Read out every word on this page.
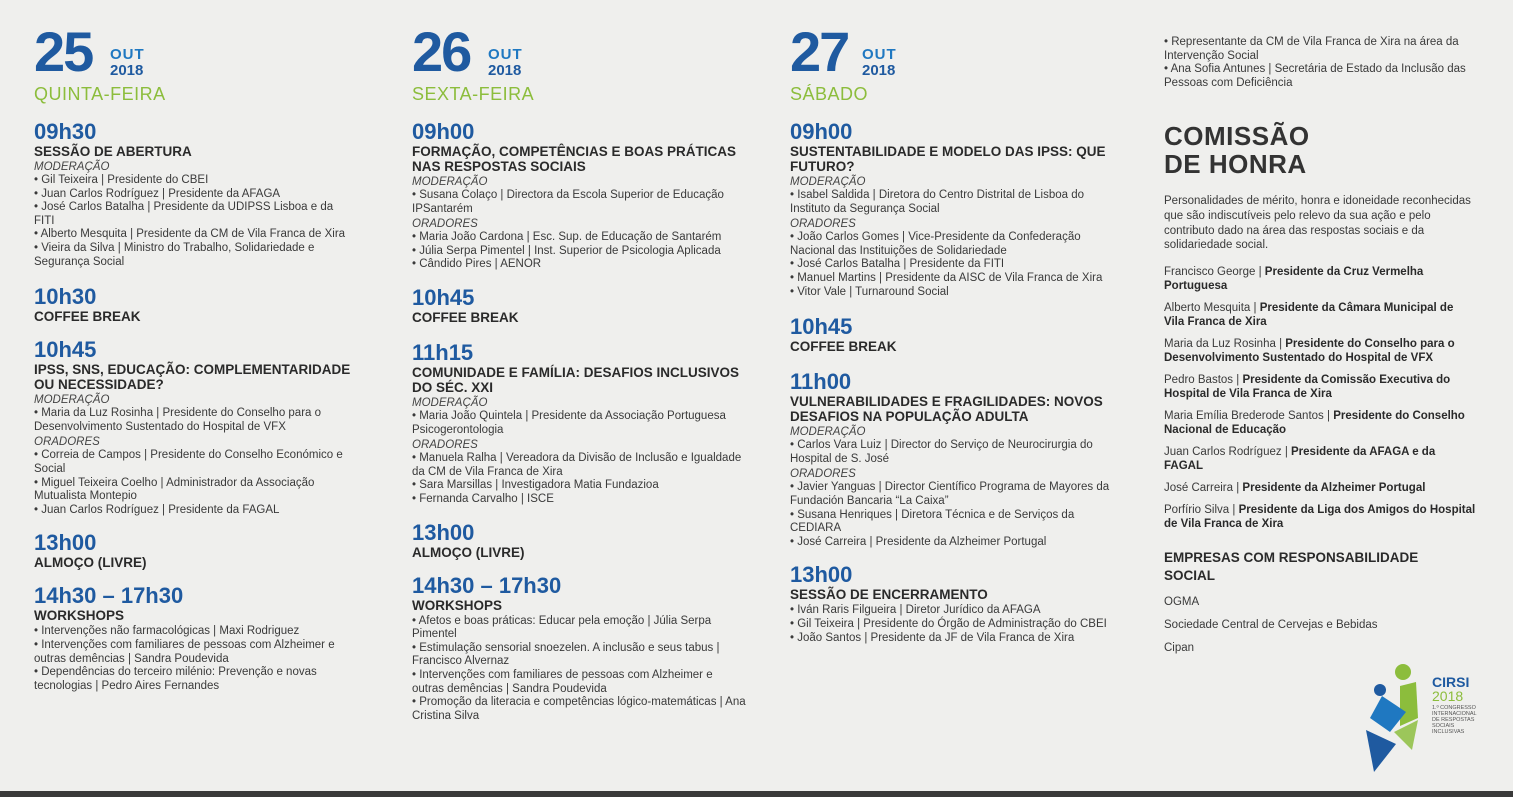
25 OUT
2018
QUINTA-FEIRA
09h30
SESSÃO DE ABERTURA
MODERAÇÃO
• Gil Teixeira | Presidente do CBEI
• Juan Carlos Rodríguez | Presidente da AFAGA
• José Carlos Batalha | Presidente da UDIPSS Lisboa e da FITI
• Alberto Mesquita | Presidente da CM de Vila Franca de Xira
• Vieira da Silva | Ministro do Trabalho, Solidariedade e Segurança Social
10h30
COFFEE BREAK
10h45
IPSS, SNS, EDUCAÇÃO: COMPLEMENTARIDADE OU NECESSIDADE?
MODERAÇÃO
• Maria da Luz Rosinha | Presidente do Conselho para o Desenvolvimento Sustentado do Hospital de VFX
ORADORES
• Correia de Campos | Presidente do Conselho Económico e Social
• Miguel Teixeira Coelho | Administrador da Associação Mutualista Montepio
• Juan Carlos Rodríguez | Presidente da FAGAL
13h00
ALMOÇO (LIVRE)
14h30 – 17h30
WORKSHOPS
• Intervenções não farmacológicas | Maxi Rodriguez
• Intervenções com familiares de pessoas com Alzheimer e outras demências | Sandra Poudevida
• Dependências do terceiro milénio: Prevenção e novas tecnologias | Pedro Aires Fernandes
26 OUT
2018
SEXTA-FEIRA
09h00
FORMAÇÃO, COMPETÊNCIAS E BOAS PRÁTICAS NAS RESPOSTAS SOCIAIS
MODERAÇÃO
• Susana Colaço | Directora da Escola Superior de Educação IPSantarém
ORADORES
• Maria João Cardona | Esc. Sup. de Educação de Santarém
• Júlia Serpa Pimentel | Inst. Superior de Psicologia Aplicada
• Cândido Pires | AENOR
10h45
COFFEE BREAK
11h15
COMUNIDADE E FAMÍLIA: DESAFIOS INCLUSIVOS DO SÉC. XXI
MODERAÇÃO
• Maria João Quintela | Presidente da Associação Portuguesa Psicogerontologia
ORADORES
• Manuela Ralha | Vereadora da Divisão de Inclusão e Igualdade da CM de Vila Franca de Xira
• Sara Marsillas | Investigadora Matia Fundazioa
• Fernanda Carvalho | ISCE
13h00
ALMOÇO (LIVRE)
14h30 – 17h30
WORKSHOPS
• Afetos e boas práticas: Educar pela emoção | Júlia Serpa Pimentel
• Estimulação sensorial snoezelen. A inclusão e seus tabus | Francisco Alvernaz
• Intervenções com familiares de pessoas com Alzheimer e outras demências | Sandra Poudevida
• Promoção da literacia e competências lógico-matemáticas | Ana Cristina Silva
27 OUT
2018
SÁBADO
09h00
SUSTENTABILIDADE E MODELO DAS IPSS: QUE FUTURO?
MODERAÇÃO
• Isabel Saldida | Diretora do Centro Distrital de Lisboa do Instituto da Segurança Social
ORADORES
• João Carlos Gomes | Vice-Presidente da Confederação Nacional das Instituições de Solidariedade
• José Carlos Batalha | Presidente da FITI
• Manuel Martins | Presidente da AISC de Vila Franca de Xira
• Vitor Vale | Turnaround Social
10h45
COFFEE BREAK
11h00
VULNERABILIDADES E FRAGILIDADES: NOVOS DESAFIOS NA POPULAÇÃO ADULTA
MODERAÇÃO
• Carlos Vara Luiz | Director do Serviço de Neurocirurgia do Hospital de S. José
ORADORES
• Javier Yanguas | Director Científico Programa de Mayores da Fundación Bancaria “La Caixa”
• Susana Henriques | Diretora Técnica e de Serviços da CEDIARA
• José Carreira | Presidente da Alzheimer Portugal
13h00
SESSÃO DE ENCERRAMENTO
• Iván Raris Filgueira | Diretor Jurídico da AFAGA
• Gil Teixeira | Presidente do Órgão de Administração do CBEI
• João Santos | Presidente da JF de Vila Franca de Xira
• Representante da CM de Vila Franca de Xira na área da Intervenção Social
• Ana Sofia Antunes | Secretária de Estado da Inclusão das Pessoas com Deficiência
COMISSÃO
DE HONRA
Personalidades de mérito, honra e idoneidade reconhecidas que são indiscutíveis pelo relevo da sua ação e pelo contributo dado na área das respostas sociais e da solidariedade social.
Francisco George | Presidente da Cruz Vermelha Portuguesa
Alberto Mesquita | Presidente da Câmara Municipal de Vila Franca de Xira
Maria da Luz Rosinha | Presidente do Conselho para o Desenvolvimento Sustentado do Hospital de VFX
Pedro Bastos | Presidente da Comissão Executiva do Hospital de Vila Franca de Xira
Maria Emília Brederode Santos | Presidente do Conselho Nacional de Educação
Juan Carlos Rodríguez | Presidente da AFAGA e da FAGAL
José Carreira | Presidente da Alzheimer Portugal
Porfírio Silva | Presidente da Liga dos Amigos do Hospital de Vila Franca de Xira
EMPRESAS COM RESPONSABILIDADE
SOCIAL
OGMA
Sociedade Central de Cervejas e Bebidas
Cipan
CIRSI
2018
1.º CONGRESSO INTERNACIONAL DE RESPOSTAS SOCIAIS INCLUSIVAS
